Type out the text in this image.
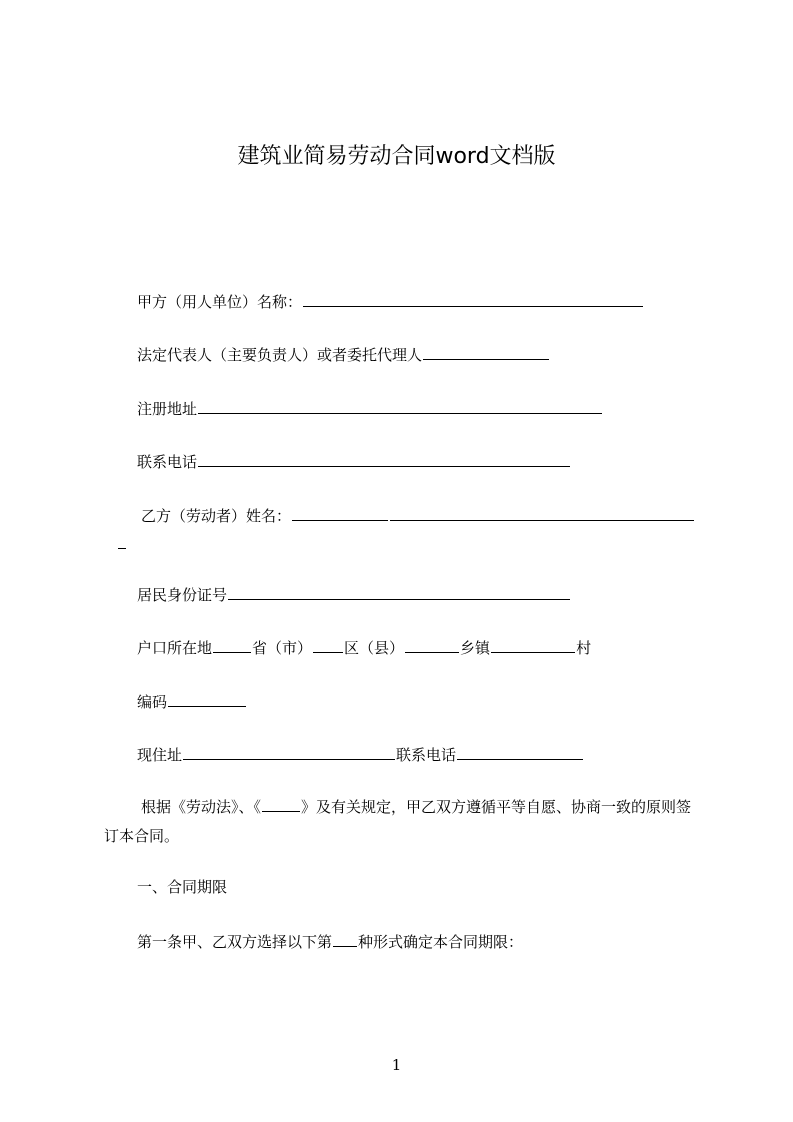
建筑业简易劳动合同word文档版
甲方（用人单位）名称：
法定代表人（主要负责人）或者委托代理人
注册地址
联系电话
乙方（劳动者）姓名：
居民身份证号
户口所在地	省（市） 区（县）	乡镇	村
编码
现住址	联系电话
根据《劳动法》、《	》及有关规定，甲乙双方遵循平等自愿、协商一致的原则签订本合同。
一、合同期限
第一条甲、乙双方选择以下第 种形式确定本合同期限：
1
